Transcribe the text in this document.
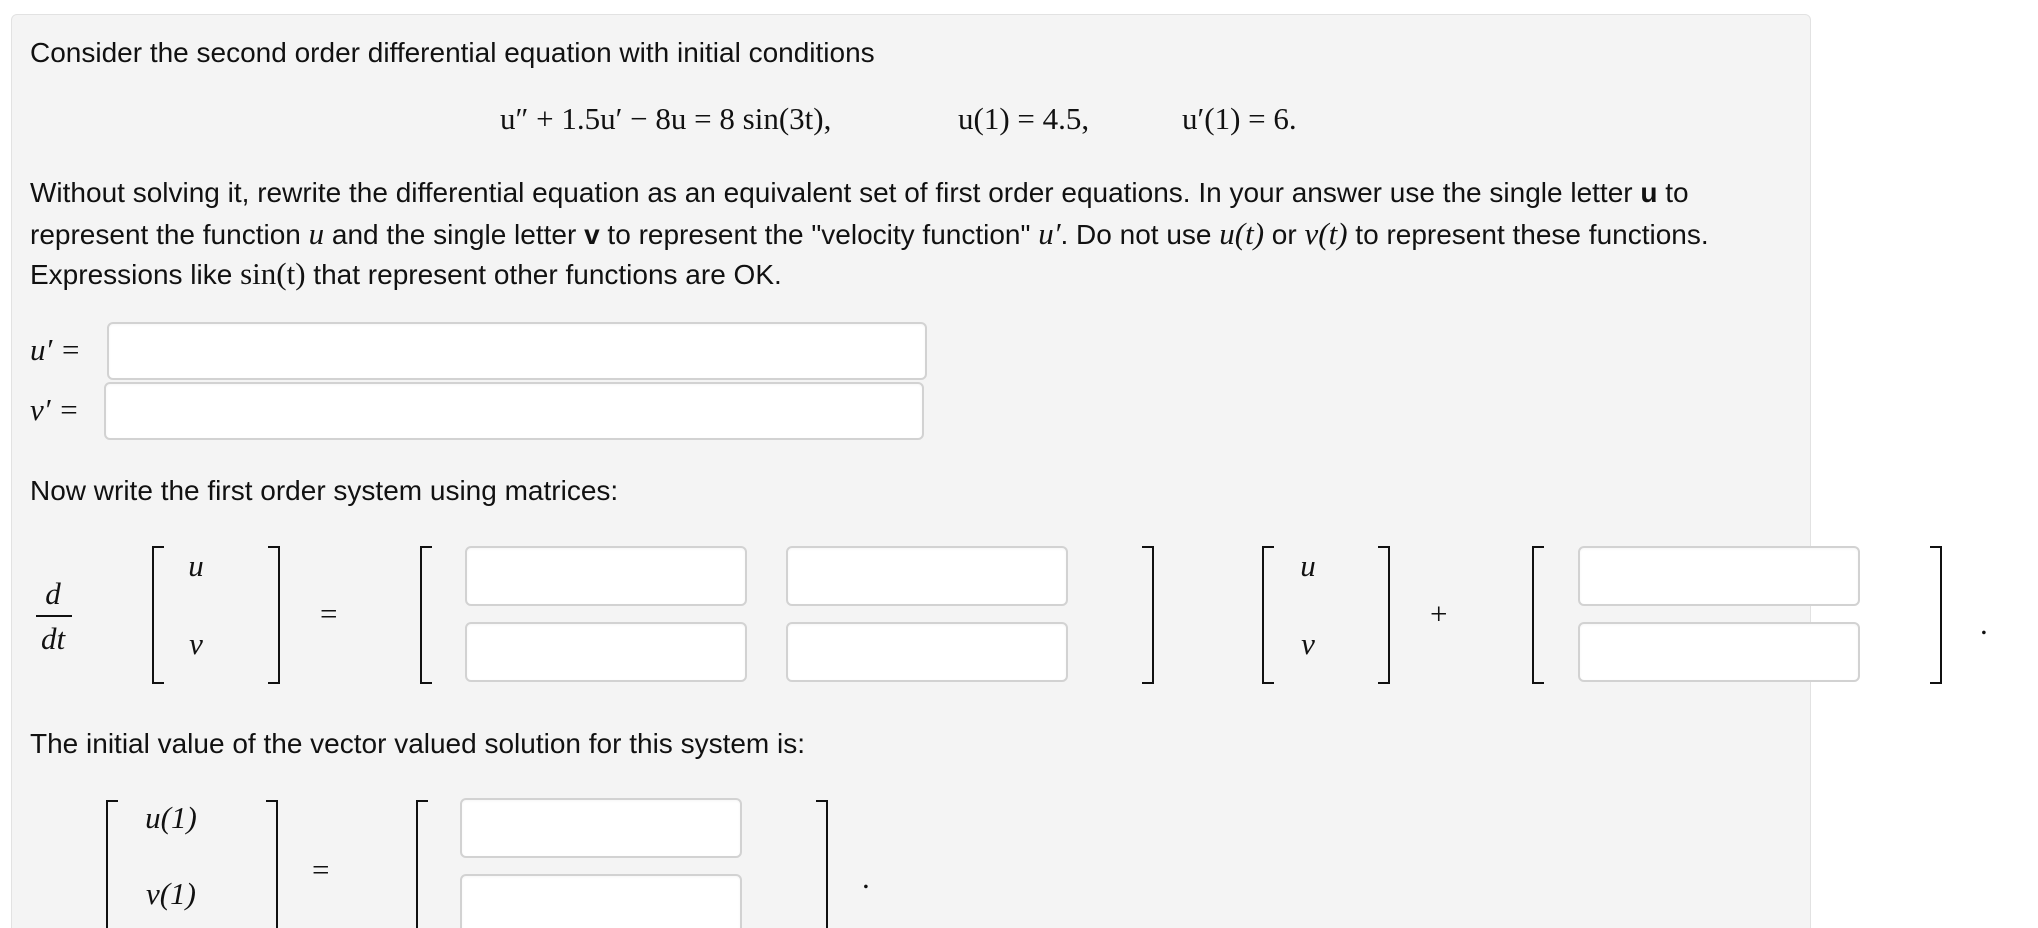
Consider the second order differential equation with initial conditions
u″ + 1.5u′ − 8u = 8 sin(3t),	u(1) = 4.5,	u′(1) = 6.
Without solving it, rewrite the differential equation as an equivalent set of first order equations. In your answer use the single letter u to
represent the function u and the single letter v to represent the "velocity function" u′. Do not use u(t) or v(t) to represent these functions.
Expressions like sin(t) that represent other functions are OK.
u′ =
v′ =
Now write the first order system using matrices:
d
dt
u
v
=
u
v
+	.
The initial value of the vector valued solution for this system is:
u(1)
v(1)
=	.
